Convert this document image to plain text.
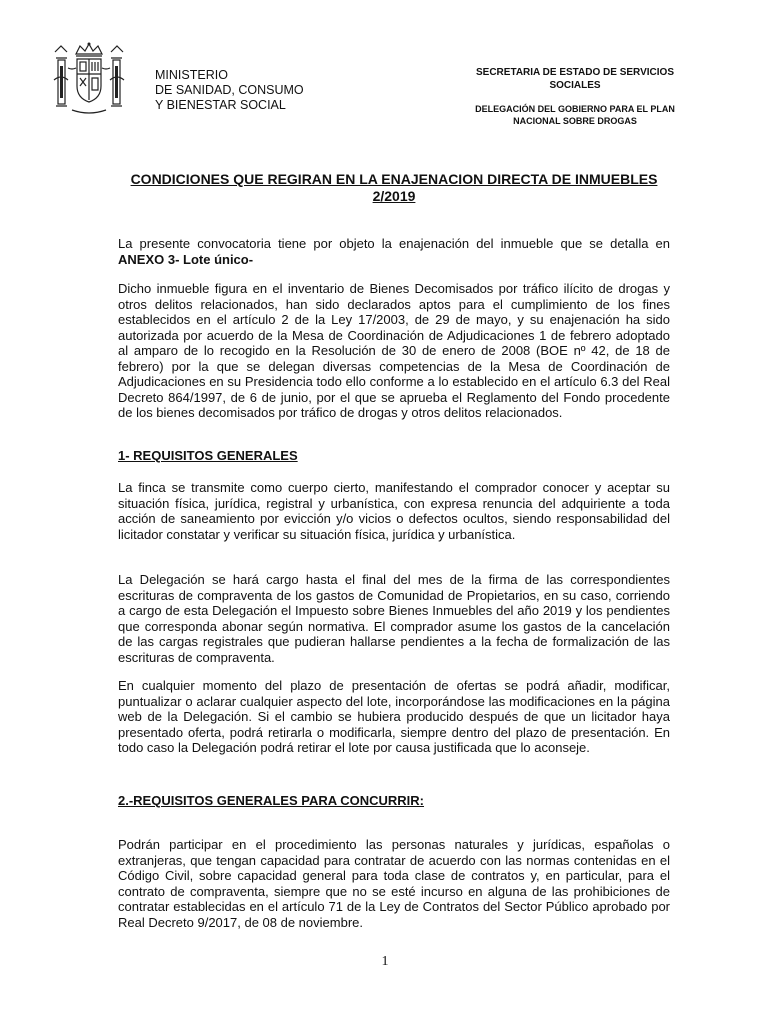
MINISTERIO
DE SANIDAD, CONSUMO
Y BIENESTAR SOCIAL
SECRETARIA DE ESTADO DE SERVICIOS SOCIALES
DELEGACIÓN DEL GOBIERNO PARA EL PLAN NACIONAL SOBRE DROGAS
CONDICIONES QUE REGIRAN EN LA ENAJENACION DIRECTA DE INMUEBLES 2/2019
La presente convocatoria tiene por objeto la enajenación del inmueble que se detalla en ANEXO 3- Lote único-
Dicho inmueble figura en el inventario de Bienes Decomisados por tráfico ilícito de drogas y otros delitos relacionados, han sido declarados aptos para el cumplimiento de los fines establecidos en el artículo 2 de la Ley 17/2003, de 29 de mayo, y su enajenación ha sido autorizada por acuerdo de la Mesa de Coordinación de Adjudicaciones 1 de febrero adoptado al amparo de lo recogido en la Resolución de 30 de enero de 2008 (BOE nº 42, de 18 de febrero) por la que se delegan diversas competencias de la Mesa de Coordinación de Adjudicaciones en su Presidencia todo ello conforme a lo establecido en el artículo 6.3 del Real Decreto 864/1997, de 6 de junio, por el que se aprueba el Reglamento del Fondo procedente de los bienes decomisados por tráfico de drogas y otros delitos relacionados.
1- REQUISITOS GENERALES
La finca se transmite como cuerpo cierto, manifestando el comprador conocer y aceptar su situación física, jurídica, registral y urbanística, con expresa renuncia del adquiriente a toda acción de saneamiento por evicción y/o vicios o defectos ocultos, siendo responsabilidad del licitador constatar y verificar su situación física, jurídica y urbanística.
La Delegación se hará cargo hasta el final del mes de la firma de las correspondientes escrituras de compraventa de los gastos de Comunidad de Propietarios, en su caso, corriendo a cargo de esta Delegación el Impuesto sobre Bienes Inmuebles del año 2019 y los pendientes que corresponda abonar según normativa. El comprador asume los gastos de la cancelación de las cargas registrales que pudieran hallarse pendientes a la fecha de formalización de las escrituras de compraventa.
En cualquier momento del plazo de presentación de ofertas se podrá añadir, modificar, puntualizar o aclarar cualquier aspecto del lote, incorporándose las modificaciones en la página web de la Delegación. Si el cambio se hubiera producido después de que un licitador haya presentado oferta, podrá retirarla o modificarla, siempre dentro del plazo de presentación. En todo caso la Delegación podrá retirar el lote por causa justificada que lo aconseje.
2.-REQUISITOS GENERALES PARA CONCURRIR:
Podrán participar en el procedimiento las personas naturales y jurídicas, españolas o extranjeras, que tengan capacidad para contratar de acuerdo con las normas contenidas en el Código Civil, sobre capacidad general para toda clase de contratos y, en particular, para el contrato de compraventa, siempre que no se esté incurso en alguna de las prohibiciones de contratar establecidas en el artículo 71 de la Ley de Contratos del Sector Público aprobado por Real Decreto 9/2017, de 08 de noviembre.
1
